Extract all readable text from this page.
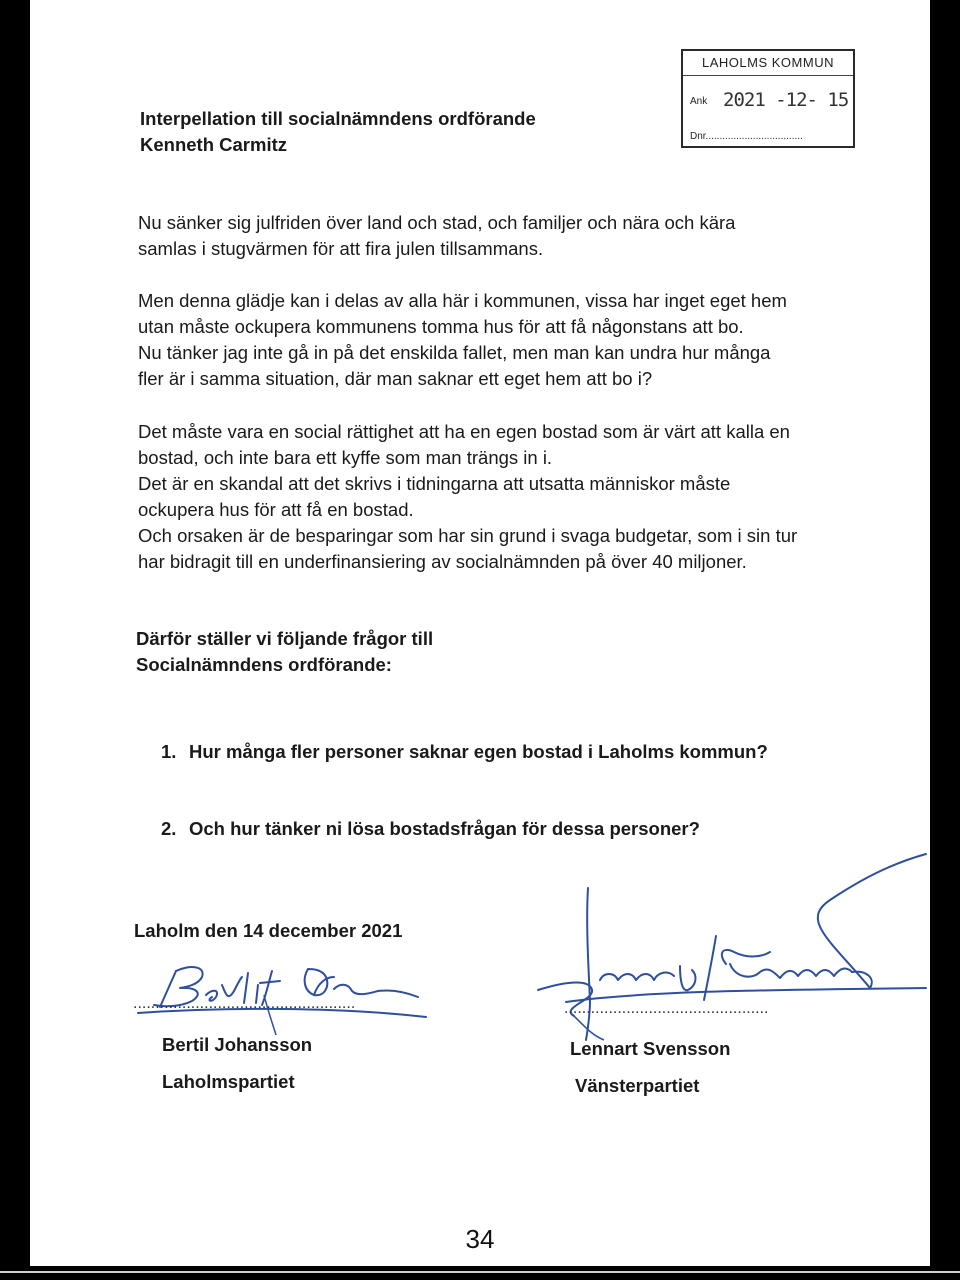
LAHOLMS KOMMUN
Ank 2021 -12- 15
Dnr...................................
Interpellation till socialnämndens ordförande
Kenneth Carmitz
Nu sänker sig julfriden över land och stad, och familjer och nära och kära
samlas i stugvärmen för att fira julen tillsammans.
Men denna glädje kan i delas av alla här i kommunen, vissa har inget eget hem
utan måste ockupera kommunens tomma hus för att få någonstans att bo.
Nu tänker jag inte gå in på det enskilda fallet, men man kan undra hur många
fler är i samma situation, där man saknar ett eget hem att bo i?
Det måste vara en social rättighet att ha en egen bostad som är värt att kalla en
bostad, och inte bara ett kyffe som man trängs in i.
Det är en skandal att det skrivs i tidningarna att utsatta människor måste
ockupera hus för att få en bostad.
Och orsaken är de besparingar som har sin grund i svaga budgetar, som i sin tur
har bidragit till en underfinansiering av socialnämnden på över 40 miljoner.
Därför ställer vi följande frågor till
Socialnämndens ordförande:
1. Hur många fler personer saknar egen bostad i Laholms kommun?
2. Och hur tänker ni lösa bostadsfrågan för dessa personer?
Laholm den 14 december 2021
..................................................
Bertil Johansson
Laholmspartiet
..............................................
Lennart Svensson
Vänsterpartiet
34
